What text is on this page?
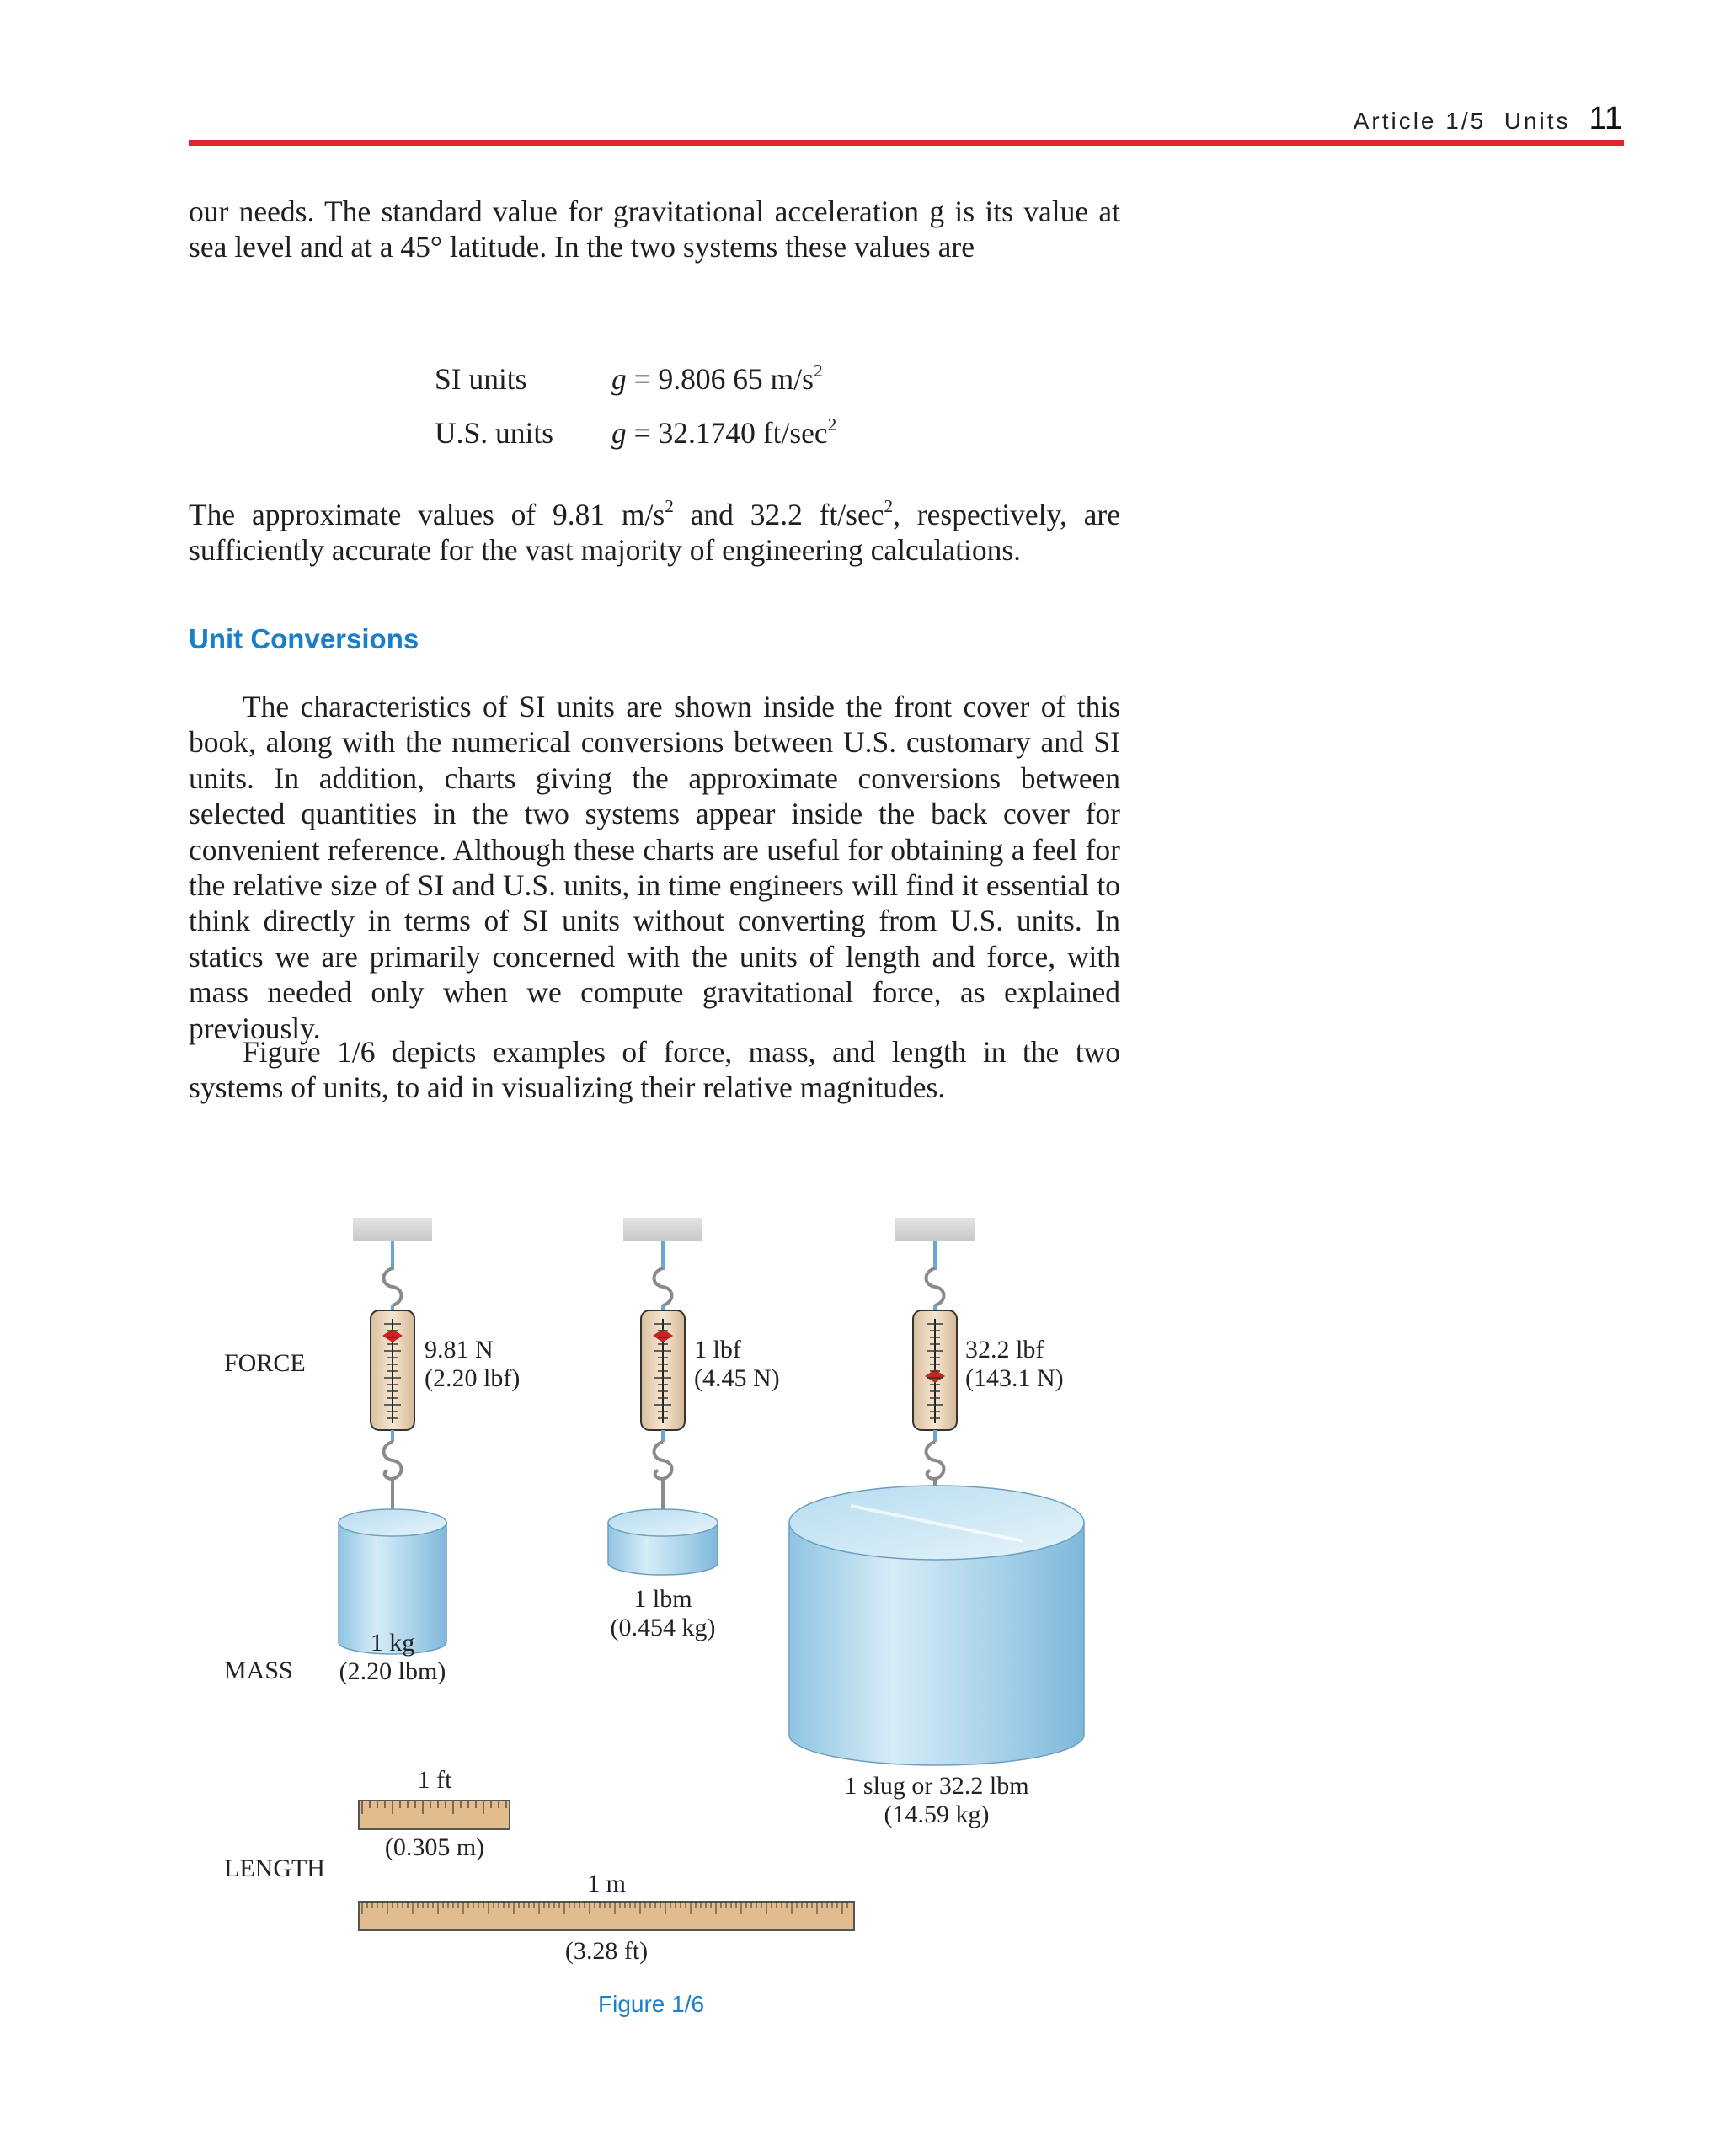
Article 1/5  Units 11

our needs. The standard value for gravitational acceleration g is its value at sea level and at a 45° latitude. In the two systems these values are

SI units	g = 9.806 65 $m/s^2$
U.S. units	g = 32.1740 $ft/\sec^2$

The approximate values of 9.81 $m/s^2$ and 32.2 $ft/\sec^2$, respectively, are sufficiently accurate for the vast majority of engineering calculations.

Unit Conversions

The characteristics of SI units are shown inside the front cover of this book, along with the numerical conversions between U.S. customary and SI units. In addition, charts giving the approximate conversions between selected quantities in the two systems appear inside the back cover for convenient reference. Although these charts are useful for obtaining a feel for the relative size of SI and U.S. units, in time engineers will find it essential to think directly in terms of SI units without converting from U.S. units. In statics we are primarily concerned with the units of length and force, with mass needed only when we compute gravitational force, as explained previously.

Figure 1/6 depicts examples of force, mass, and length in the two systems of units, to aid in visualizing their relative magnitudes.

FORCE
MASS
LENGTH
9.81 N
(2.20 lbf)
1 lbf
(4.45 N)
32.2 lbf
(143.1 N)
1 kg
(2.20 lbm)
1 lbm
(0.454 kg)
1 slug or 32.2 lbm
(14.59 kg)
1 ft
(0.305 m)
1 m
(3.28 ft)
Figure 1/6
